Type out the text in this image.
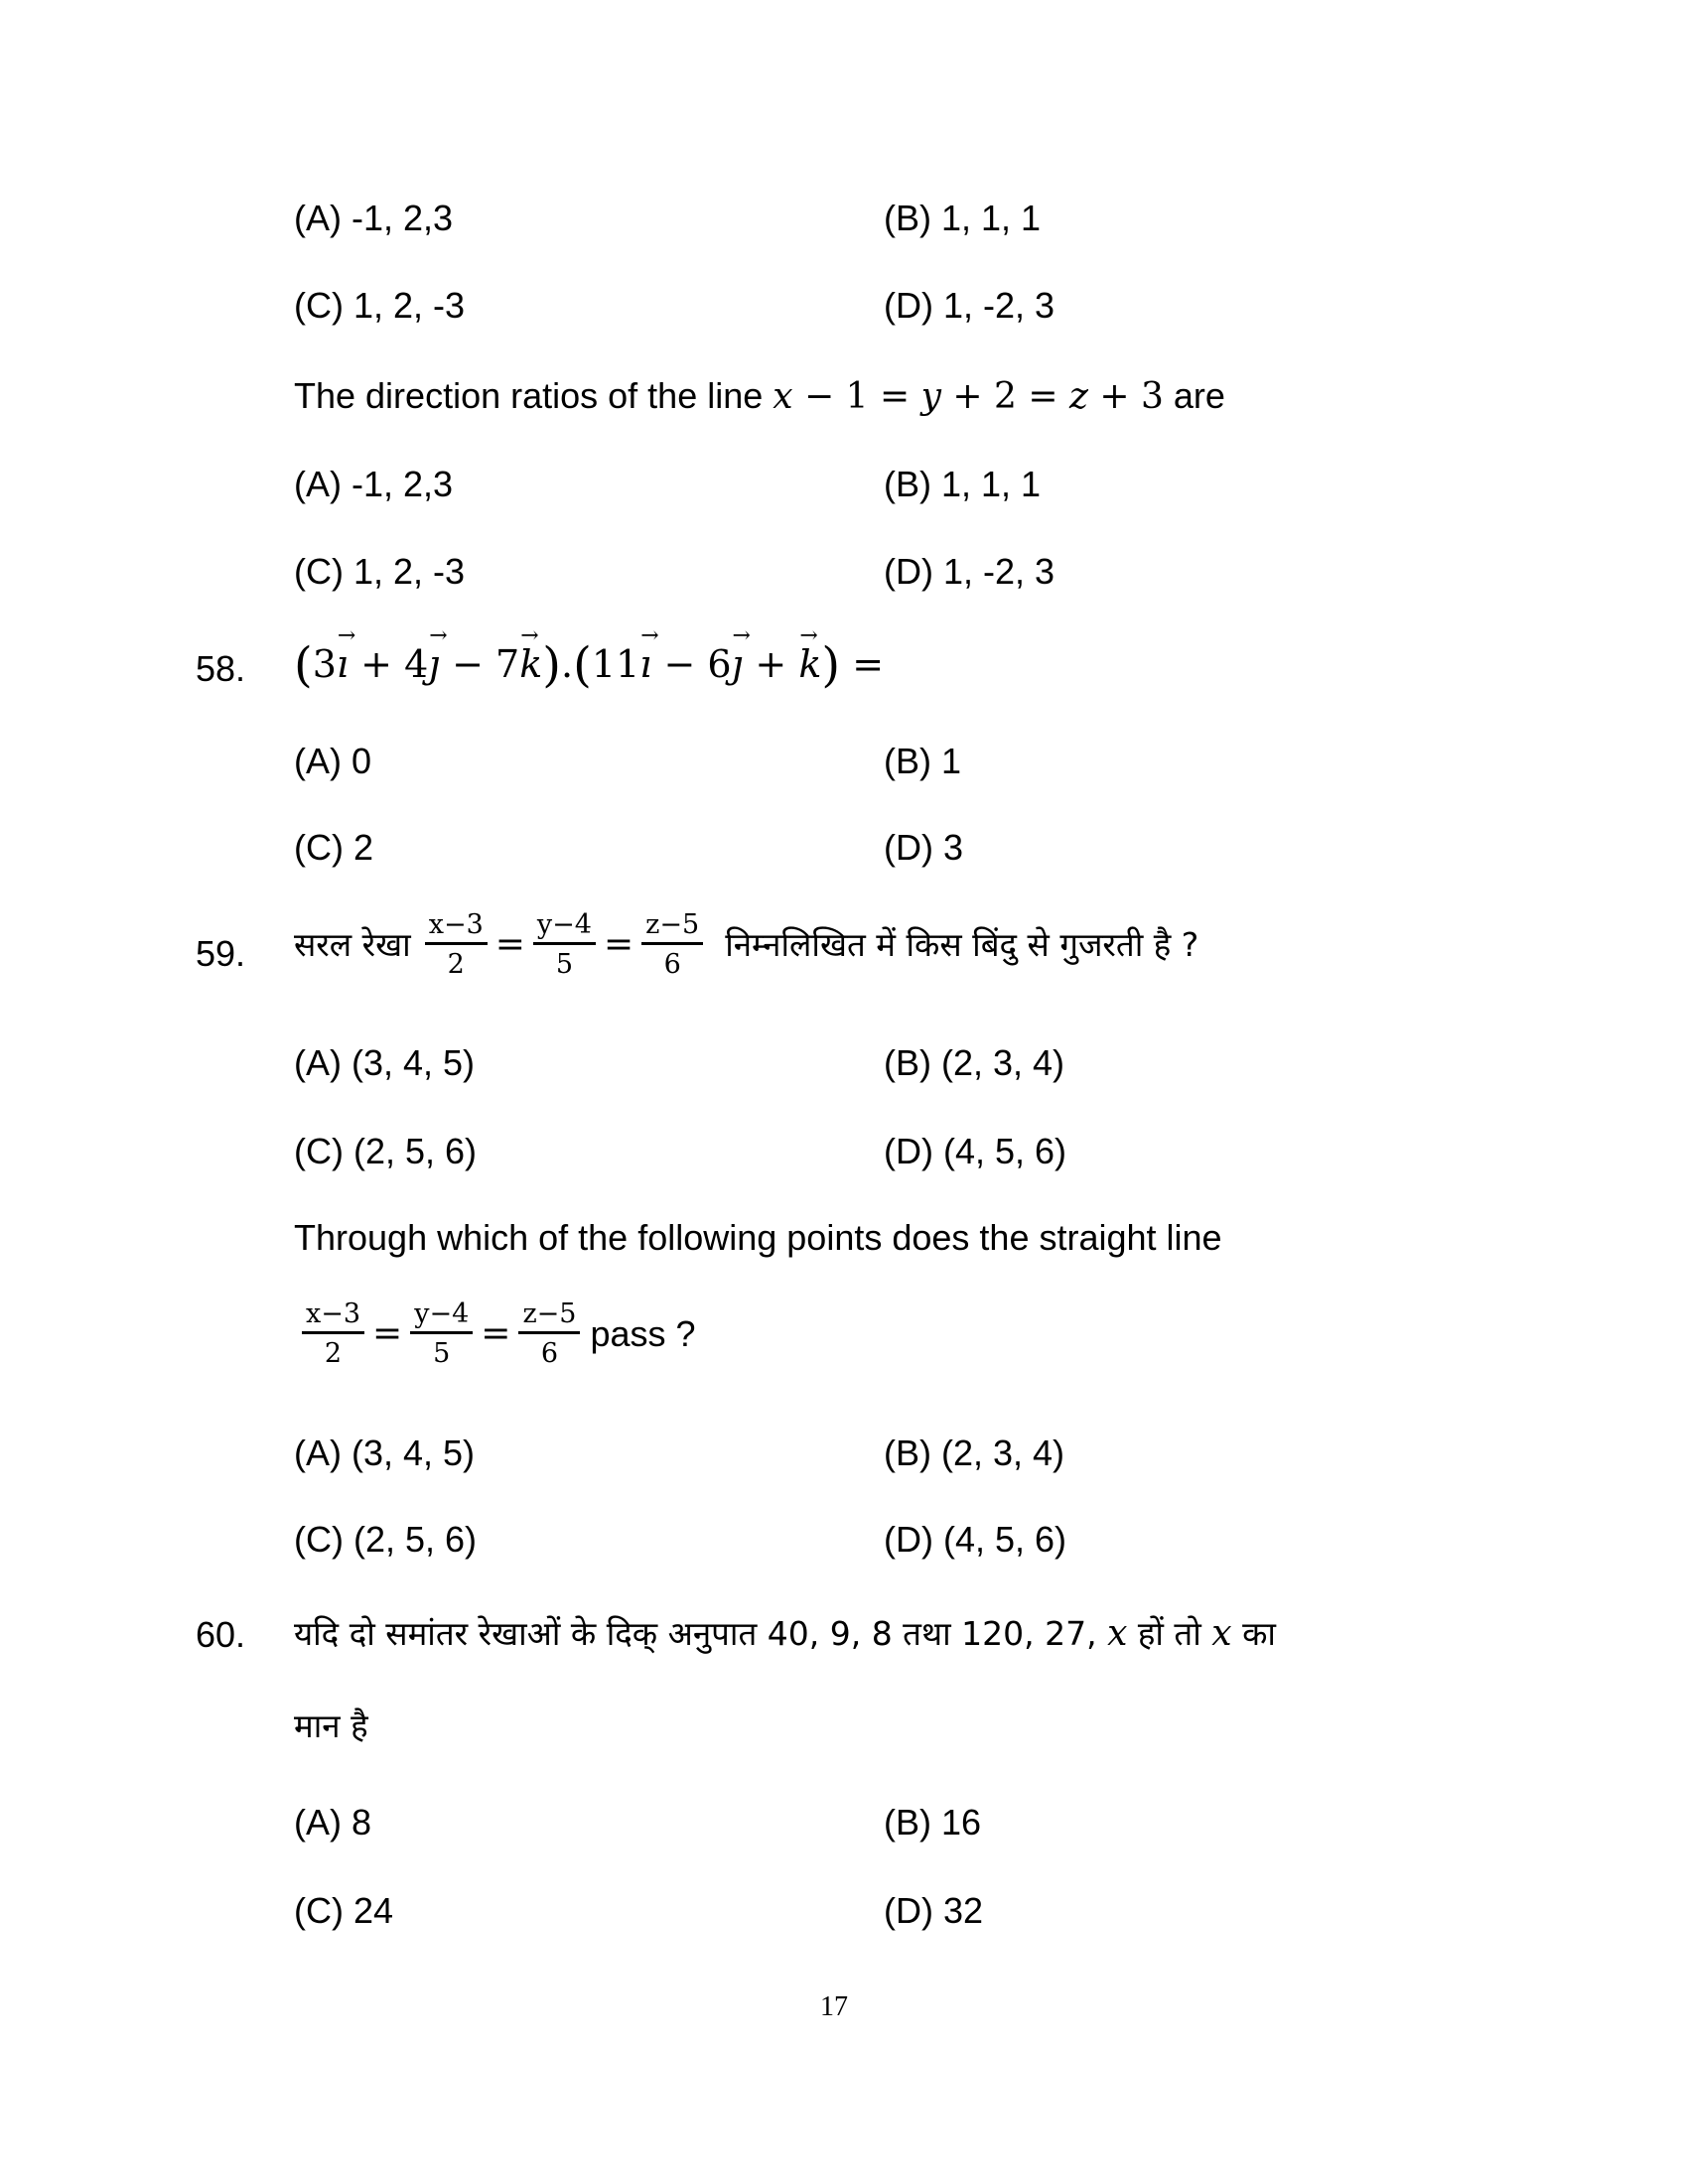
(A) -1, 2,3	(B) 1, 1, 1
(C) 1, 2, -3	(D) 1, -2, 3
The direction ratios of the line x − 1 = y + 2 = z + 3 are
(A) -1, 2,3	(B) 1, 1, 1
(C) 1, 2, -3	(D) 1, -2, 3
58. (3→ ı + 4→ ȷ − 7→ k).(11→ ı − 6→ ȷ + → k) =
(A) 0	(B) 1
(C) 2	(D) 3
59. सरल रेखा $\frac{x-3}{2} = \frac{y-4}{5} = \frac{z-5}{6}$ निम्नलिखित में किस बिंदु से गुजरती है ?
(A) (3, 4, 5)	(B) (2, 3, 4)
(C) (2, 5, 6)	(D) (4, 5, 6)
Through which of the following points does the straight line
$\frac{x-3}{2} = \frac{y-4}{5} = \frac{z-5}{6}$ pass ?
(A) (3, 4, 5)	(B) (2, 3, 4)
(C) (2, 5, 6)	(D) (4, 5, 6)
60. यदि दो समांतर रेखाओं के दिक् अनुपात 40, 9, 8 तथा 120, 27, x हों तो x का
मान है
(A) 8	(B) 16
(C) 24	(D) 32
17
